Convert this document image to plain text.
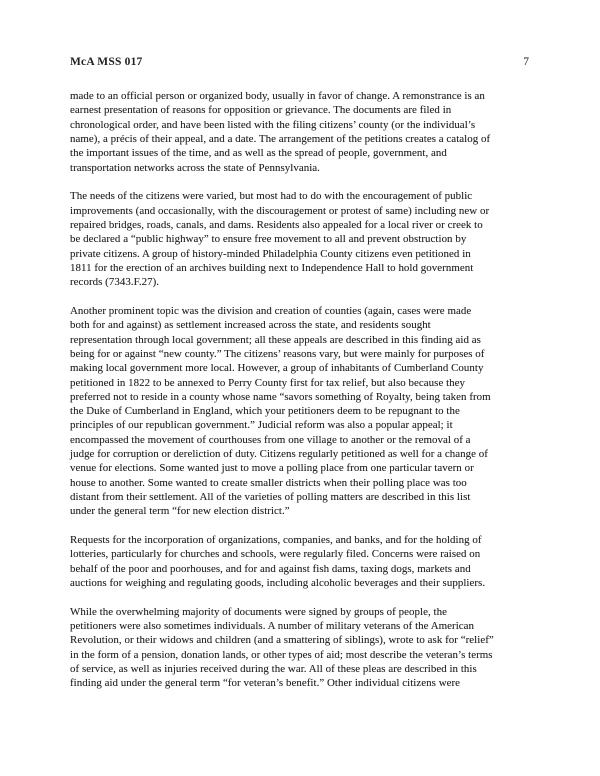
McA MSS 017	7

made to an official person or organized body, usually in favor of change. A remonstrance is an
earnest presentation of reasons for opposition or grievance. The documents are filed in
chronological order, and have been listed with the filing citizens’ county (or the individual’s
name), a précis of their appeal, and a date. The arrangement of the petitions creates a catalog of
the important issues of the time, and as well as the spread of people, government, and
transportation networks across the state of Pennsylvania.

The needs of the citizens were varied, but most had to do with the encouragement of public
improvements (and occasionally, with the discouragement or protest of same) including new or
repaired bridges, roads, canals, and dams. Residents also appealed for a local river or creek to
be declared a “public highway” to ensure free movement to all and prevent obstruction by
private citizens. A group of history-minded Philadelphia County citizens even petitioned in
1811 for the erection of an archives building next to Independence Hall to hold government
records (7343.F.27).

Another prominent topic was the division and creation of counties (again, cases were made
both for and against) as settlement increased across the state, and residents sought
representation through local government; all these appeals are described in this finding aid as
being for or against “new county.” The citizens’ reasons vary, but were mainly for purposes of
making local government more local. However, a group of inhabitants of Cumberland County
petitioned in 1822 to be annexed to Perry County first for tax relief, but also because they
preferred not to reside in a county whose name “savors something of Royalty, being taken from
the Duke of Cumberland in England, which your petitioners deem to be repugnant to the
principles of our republican government.” Judicial reform was also a popular appeal; it
encompassed the movement of courthouses from one village to another or the removal of a
judge for corruption or dereliction of duty. Citizens regularly petitioned as well for a change of
venue for elections. Some wanted just to move a polling place from one particular tavern or
house to another. Some wanted to create smaller districts when their polling place was too
distant from their settlement. All of the varieties of polling matters are described in this list
under the general term “for new election district.”

Requests for the incorporation of organizations, companies, and banks, and for the holding of
lotteries, particularly for churches and schools, were regularly filed. Concerns were raised on
behalf of the poor and poorhouses, and for and against fish dams, taxing dogs, markets and
auctions for weighing and regulating goods, including alcoholic beverages and their suppliers.

While the overwhelming majority of documents were signed by groups of people, the
petitioners were also sometimes individuals. A number of military veterans of the American
Revolution, or their widows and children (and a smattering of siblings), wrote to ask for “relief”
in the form of a pension, donation lands, or other types of aid; most describe the veteran’s terms
of service, as well as injuries received during the war. All of these pleas are described in this
finding aid under the general term “for veteran’s benefit.” Other individual citizens were
